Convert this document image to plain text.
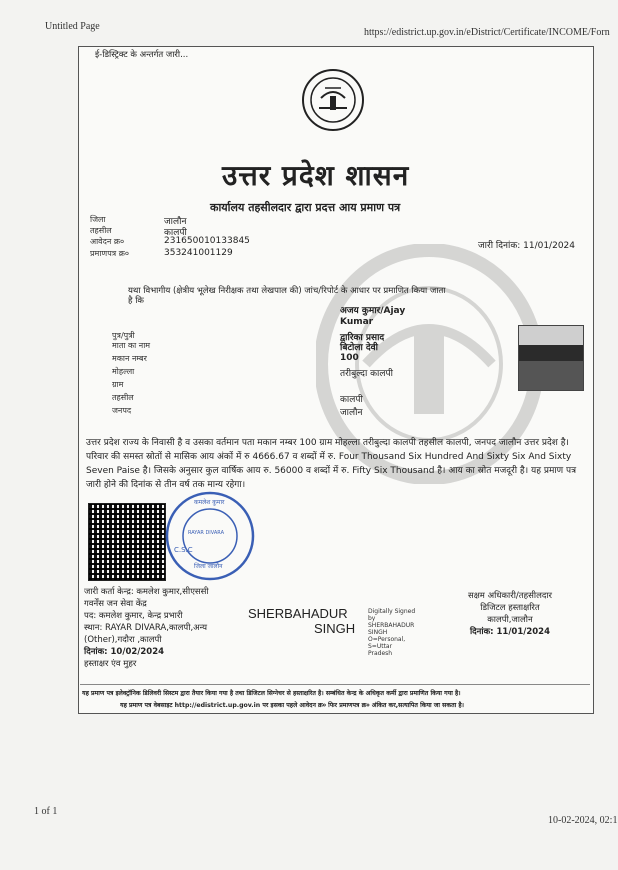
Untitled Page
https://edistrict.up.gov.in/eDistrict/Certificate/INCOME/Forn
ई-डिस्ट्रिक्ट के अन्तर्गत जारी...
उत्तर प्रदेश शासन
कार्यालय तहसीलदार द्वारा प्रदत्त आय प्रमाण पत्र
जिला	जालौन
तहसील	कालपी
आवेदन क्र०	231650010133845
प्रमाणपत्र क्र०	353241001129
जारी दिनांक: 11/01/2024
यथा विभागीय (क्षेत्रीय भूलेख निरीक्षक तथा लेखपाल की) जांच/रिपोर्ट के आधार पर प्रमाणित किया जाता है कि
अजय कुमार/Ajay Kumar
पुत्र/पुत्री	द्वारिका प्रसाद
माता का नाम	बिटोला देवी
मकान नम्बर	100
मोहल्ला	तरीबुल्दा कालपी
ग्राम
तहसील	कालपी
जनपद	जालौन
उत्तर प्रदेश राज्य के निवासी है व उसका वर्तमान पता मकान नम्बर 100 ग्राम मोहल्ला तरीबुल्दा कालपी तहसील कालपी, जनपद जालौन उत्तर प्रदेश है। परिवार की समस्त स्रोतों से मासिक आय अंकों में रु 4666.67 व शब्दों में रु. Four Thousand Six Hundred And Sixty Six And Sixty Seven Paise है। जिसके अनुसार कुल वार्षिक आय रु. 56000 व शब्दों में रु. Fifty Six Thousand है। आय का स्रोत मजदूरी है। यह प्रमाण पत्र जारी होने की दिनांक से तीन वर्ष तक मान्य रहेगा।
C.S.C
कमलेश कुमार
RAYAR DIVARA
जिला जालौन
जारी कर्ता केन्द्र: कमलेश कुमार,सीएससी
गवर्नेंस जन सेवा केंद्र
पद: कमलेश कुमार, केन्द्र प्रभारी
स्थान: RAYAR DIVARA,कालपी,अन्य (Other),गदौरा ,कालपी
दिनांक: 10/02/2024
हस्ताक्षर एंव मुहर
SHERBAHADUR
SINGH
Digitally Signed
by
SHERBAHADUR
SINGH
O=Personal,
S=Uttar
Pradesh
सक्षम अधिकारी/तहसीलदार
डिजिटल हस्ताक्षरित
कालपी,जालौन
दिनांक: 11/01/2024
यह प्रमाण पत्र इलेक्ट्रॉनिक डिलिवरी सिस्टम द्वारा तैयार किया गया है तथा डिजिटल सिग्नेचर से हस्ताक्षरित है। सम्बंधित केन्द्र के अधिकृत कर्मी द्वारा प्रमाणित किया गया है।
यह प्रमाण पत्र वेबसाइट http://edistrict.up.gov.in पर इसका पहले आवेदन क्र० फिर प्रमाणपत्र क्र० अंकित कर,सत्यापित किया जा सकता है।
1 of 1
10-02-2024, 02:1
